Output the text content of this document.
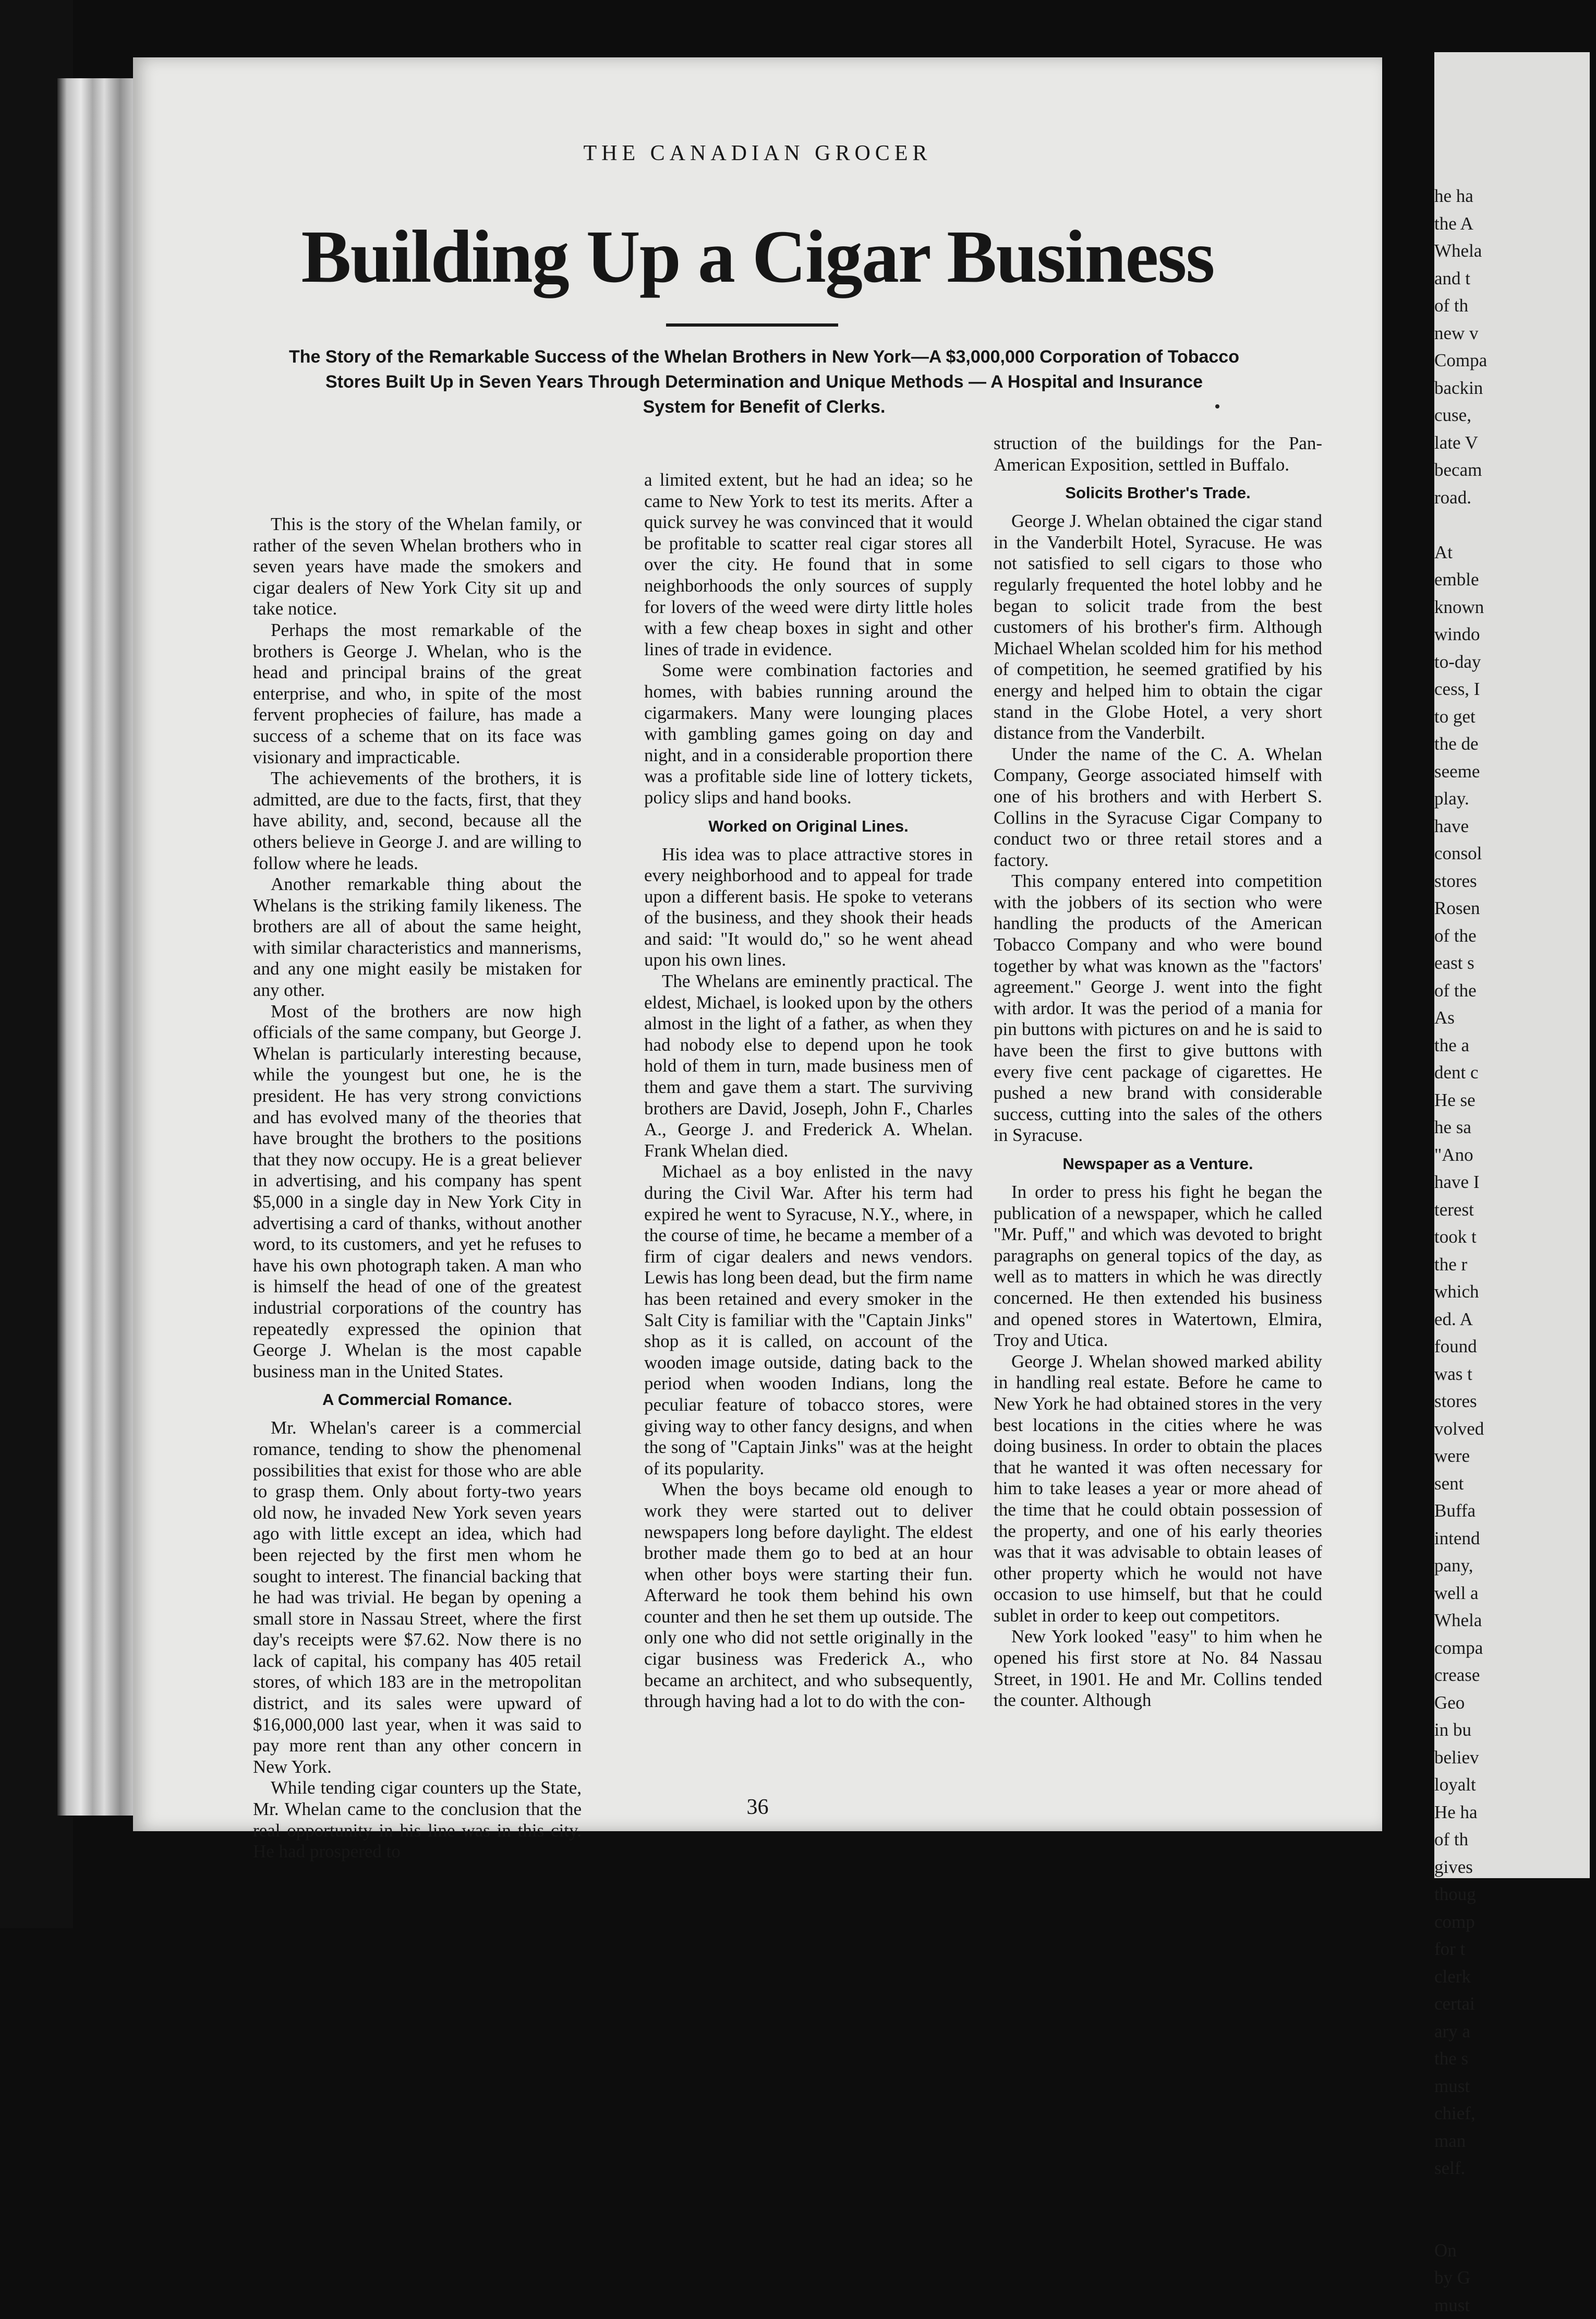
THE CANADIAN GROCER
Building Up a Cigar Business
The Story of the Remarkable Success of the Whelan Brothers in New York—A $3,000,000 Corporation of Tobacco
Stores Built Up in Seven Years Through Determination and Unique Methods — A Hospital and Insurance
System for Benefit of Clerks.

This is the story of the Whelan family, or rather of the seven Whelan brothers who in seven years have made the smokers and cigar dealers of New York City sit up and take notice.

Perhaps the most remarkable of the brothers is George J. Whelan, who is the head and principal brains of the great enterprise, and who, in spite of the most fervent prophecies of failure, has made a success of a scheme that on its face was visionary and impracticable.

The achievements of the brothers, it is admitted, are due to the facts, first, that they have ability, and, second, because all the others believe in George J. and are willing to follow where he leads.

Another remarkable thing about the Whelans is the striking family likeness. The brothers are all of about the same height, with similar characteristics and mannerisms, and any one might easily be mistaken for any other.

Most of the brothers are now high officials of the same company, but George J. Whelan is particularly interesting because, while the youngest but one, he is the president. He has very strong convictions and has evolved many of the theories that have brought the brothers to the positions that they now occupy. He is a great believer in advertising, and his company has spent $5,000 in a single day in New York City in advertising a card of thanks, without another word, to its customers, and yet he refuses to have his own photograph taken. A man who is himself the head of one of the greatest industrial corporations of the country has repeatedly expressed the opinion that George J. Whelan is the most capable business man in the United States.

A Commercial Romance.

Mr. Whelan's career is a commercial romance, tending to show the phenomenal possibilities that exist for those who are able to grasp them. Only about forty-two years old now, he invaded New York seven years ago with little except an idea, which had been rejected by the first men whom he sought to interest. The financial backing that he had was trivial. He began by opening a small store in Nassau Street, where the first day's receipts were $7.62. Now there is no lack of capital, his company has 405 retail stores, of which 183 are in the metropolitan district, and its sales were upward of $16,000,000 last year, when it was said to pay more rent than any other concern in New York.

While tending cigar counters up the State, Mr. Whelan came to the conclusion that the real opportunity in his line was in this city. He had prospered to

a limited extent, but he had an idea; so he came to New York to test its merits. After a quick survey he was convinced that it would be profitable to scatter real cigar stores all over the city. He found that in some neighborhoods the only sources of supply for lovers of the weed were dirty little holes with a few cheap boxes in sight and other lines of trade in evidence.

Some were combination factories and homes, with babies running around the cigarmakers. Many were lounging places with gambling games going on day and night, and in a considerable proportion there was a profitable side line of lottery tickets, policy slips and hand books.

Worked on Original Lines.

His idea was to place attractive stores in every neighborhood and to appeal for trade upon a different basis. He spoke to veterans of the business, and they shook their heads and said: "It would do," so he went ahead upon his own lines.

The Whelans are eminently practical. The eldest, Michael, is looked upon by the others almost in the light of a father, as when they had nobody else to depend upon he took hold of them in turn, made business men of them and gave them a start. The surviving brothers are David, Joseph, John F., Charles A., George J. and Frederick A. Whelan. Frank Whelan died.

Michael as a boy enlisted in the navy during the Civil War. After his term had expired he went to Syracuse, N.Y., where, in the course of time, he became a member of a firm of cigar dealers and news vendors. Lewis has long been dead, but the firm name has been retained and every smoker in the Salt City is familiar with the "Captain Jinks" shop as it is called, on account of the wooden image outside, dating back to the period when wooden Indians, long the peculiar feature of tobacco stores, were giving way to other fancy designs, and when the song of "Captain Jinks" was at the height of its popularity.

When the boys became old enough to work they were started out to deliver newspapers long before daylight. The eldest brother made them go to bed at an hour when other boys were starting their fun. Afterward he took them behind his own counter and then he set them up outside. The only one who did not settle originally in the cigar business was Frederick A., who became an architect, and who subsequently, through having had a lot to do with the con-

struction of the buildings for the Pan-American Exposition, settled in Buffalo.

Solicits Brother's Trade.

George J. Whelan obtained the cigar stand in the Vanderbilt Hotel, Syracuse. He was not satisfied to sell cigars to those who regularly frequented the hotel lobby and he began to solicit trade from the best customers of his brother's firm. Although Michael Whelan scolded him for his method of competition, he seemed gratified by his energy and helped him to obtain the cigar stand in the Globe Hotel, a very short distance from the Vanderbilt.

Under the name of the C. A. Whelan Company, George associated himself with one of his brothers and with Herbert S. Collins in the Syracuse Cigar Company to conduct two or three retail stores and a factory.

This company entered into competition with the jobbers of its section who were handling the products of the American Tobacco Company and who were bound together by what was known as the "factors' agreement." George J. went into the fight with ardor. It was the period of a mania for pin buttons with pictures on and he is said to have been the first to give buttons with every five cent package of cigarettes. He pushed a new brand with considerable success, cutting into the sales of the others in Syracuse.

Newspaper as a Venture.

In order to press his fight he began the publication of a newspaper, which he called "Mr. Puff," and which was devoted to bright paragraphs on general topics of the day, as well as to matters in which he was directly concerned. He then extended his business and opened stores in Watertown, Elmira, Troy and Utica.

George J. Whelan showed marked ability in handling real estate. Before he came to New York he had obtained stores in the very best locations in the cities where he was doing business. In order to obtain the places that he wanted it was often necessary for him to take leases a year or more ahead of the time that he could obtain possession of the property, and one of his early theories was that it was advisable to obtain leases of other property which he would not have occasion to use himself, but that he could sublet in order to keep out competitors.

New York looked "easy" to him when he opened his first store at No. 84 Nassau Street, in 1901. He and Mr. Collins tended the counter. Although

36
he ha
the A
Whela
and t
of th
new v
Compa
backin
cuse,
late V
becam
road.

At
emble
known
windo
to-day
cess, I
to get
the de
seeme
play.
have
consol
stores
Rosen
of the
east s
of the
As
the a
dent c
He se
he sa
"Ano
have I
terest
took t
the r
which
ed. A
found
was t
stores
volved
were
sent
Buffa
intend
pany,
well a
Whela
compa
crease
Geo
in bu
believ
loyalt
He ha
of th
gives
thoug
comp
for t
clerk
certai
ary a
the s
must
chief,
man
self.

On
by G
must
